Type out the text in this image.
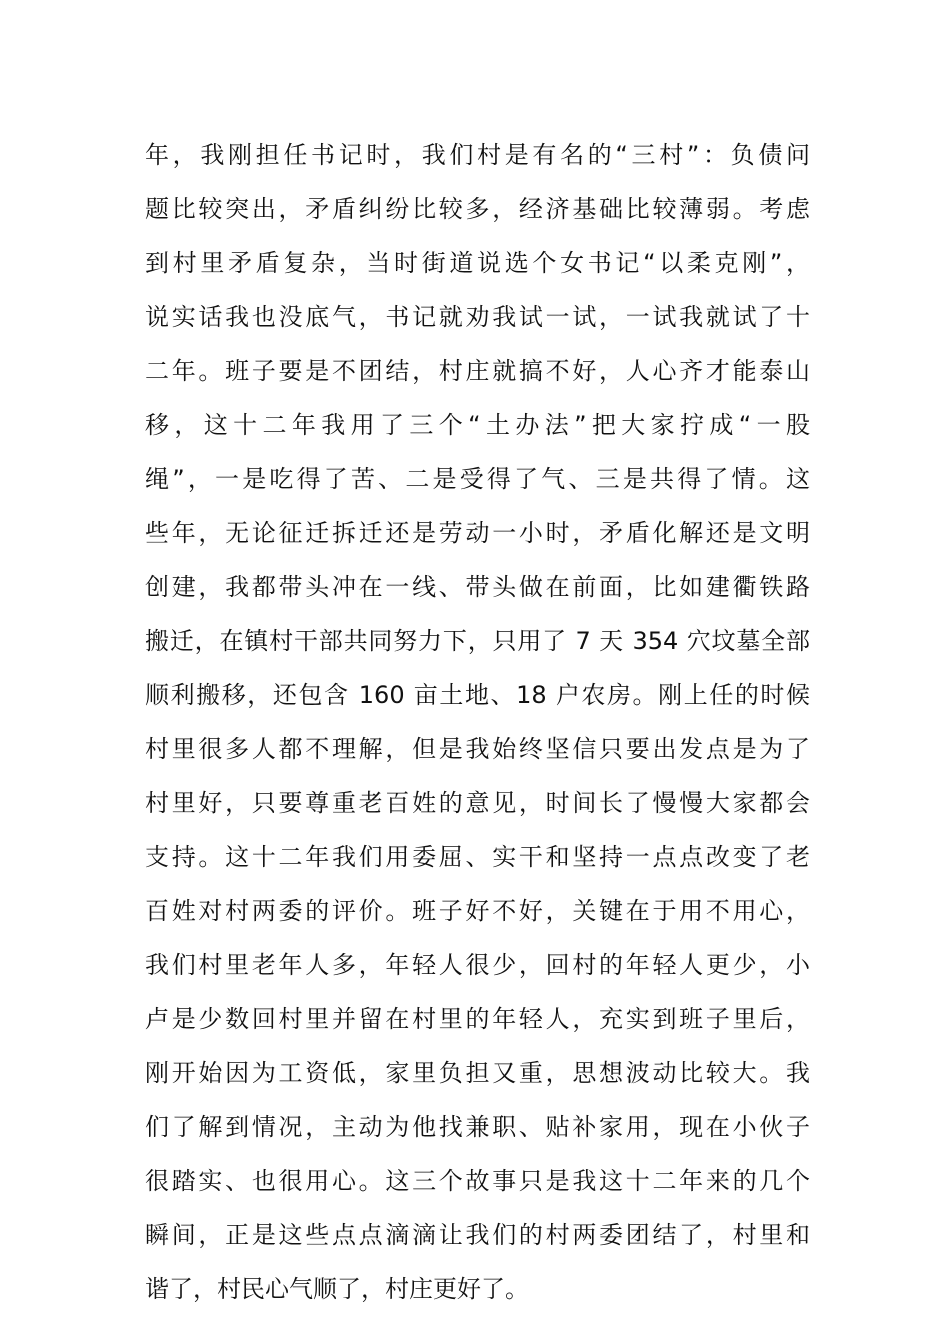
年，我刚担任书记时，我们村是有名的“三村”：负债问
题比较突出，矛盾纠纷比较多，经济基础比较薄弱。考虑
到村里矛盾复杂，当时街道说选个女书记“以柔克刚”，
说实话我也没底气，书记就劝我试一试，一试我就试了十
二年。班子要是不团结，村庄就搞不好，人心齐才能泰山
移，这十二年我用了三个“土办法”把大家拧成“一股
绳”，一是吃得了苦、二是受得了气、三是共得了情。这
些年，无论征迁拆迁还是劳动一小时，矛盾化解还是文明
创建，我都带头冲在一线、带头做在前面，比如建衢铁路
搬迁，在镇村干部共同努力下，只用了 7 天 354 穴坟墓全部
顺利搬移，还包含 160 亩土地、18 户农房。刚上任的时候
村里很多人都不理解，但是我始终坚信只要出发点是为了
村里好，只要尊重老百姓的意见，时间长了慢慢大家都会
支持。这十二年我们用委屈、实干和坚持一点点改变了老
百姓对村两委的评价。班子好不好，关键在于用不用心，
我们村里老年人多，年轻人很少，回村的年轻人更少，小
卢是少数回村里并留在村里的年轻人，充实到班子里后，
刚开始因为工资低，家里负担又重，思想波动比较大。我
们了解到情况，主动为他找兼职、贴补家用，现在小伙子
很踏实、也很用心。这三个故事只是我这十二年来的几个
瞬间，正是这些点点滴滴让我们的村两委团结了，村里和
谐了，村民心气顺了，村庄更好了。
